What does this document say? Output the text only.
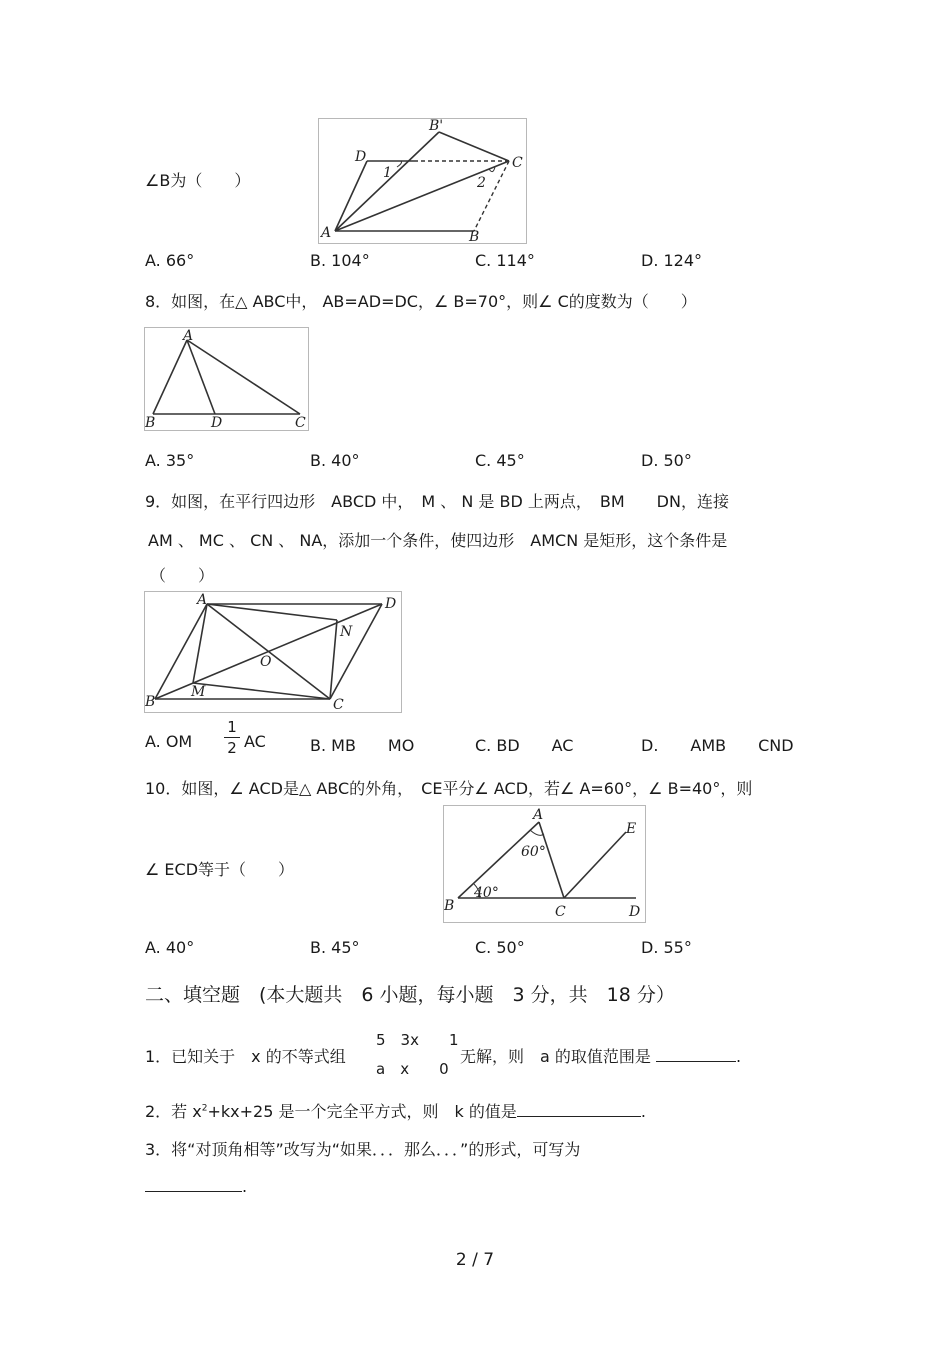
∠B为（　　）
D
B'
C
A	B
1
2
A. 66°	B. 104°	C. 114°	D. 124°
8．如图，在△ ABC中， AB=AD=DC，∠ B=70°，则∠ C的度数为（　　）
A
B	D	C
A. 35°	B. 40°	C. 45°	D. 50°
9．如图，在平行四边形　ABCD 中，　M 、 N 是 BD 上两点，　BM　　DN，连接
AM 、 MC 、 CN 、 NA，添加一个条件，使四边形　AMCN 是矩形，这个条件是
（　　）
A	D
N
O
B
M
C
A. OM $\frac{1}{2}$ AC	B. MB　　MO	C. BD　　AC	D.　　AMB　　CND
10．如图，∠ ACD是△ ABC的外角，　CE平分∠ ACD，若∠ A=60°，∠ B=40°，则
∠ ECD等于（　　）
A
E
60°
40°
B	C	D
A. 40°	B. 45°	C. 50°	D. 55°
二、填空题　(本大题共　6 小题，每小题　3 分，共　18 分）
1．已知关于　x 的不等式组
5　3x　　1
a　x　　0
无解，则　a 的取值范围是	.
2．若 $x^2+kx+25$ 是一个完全平方式，则　k 的值是	.
3．将“对顶角相等”改写为“如果．．．那么．．．”的形式，可写为
.
2 / 7
